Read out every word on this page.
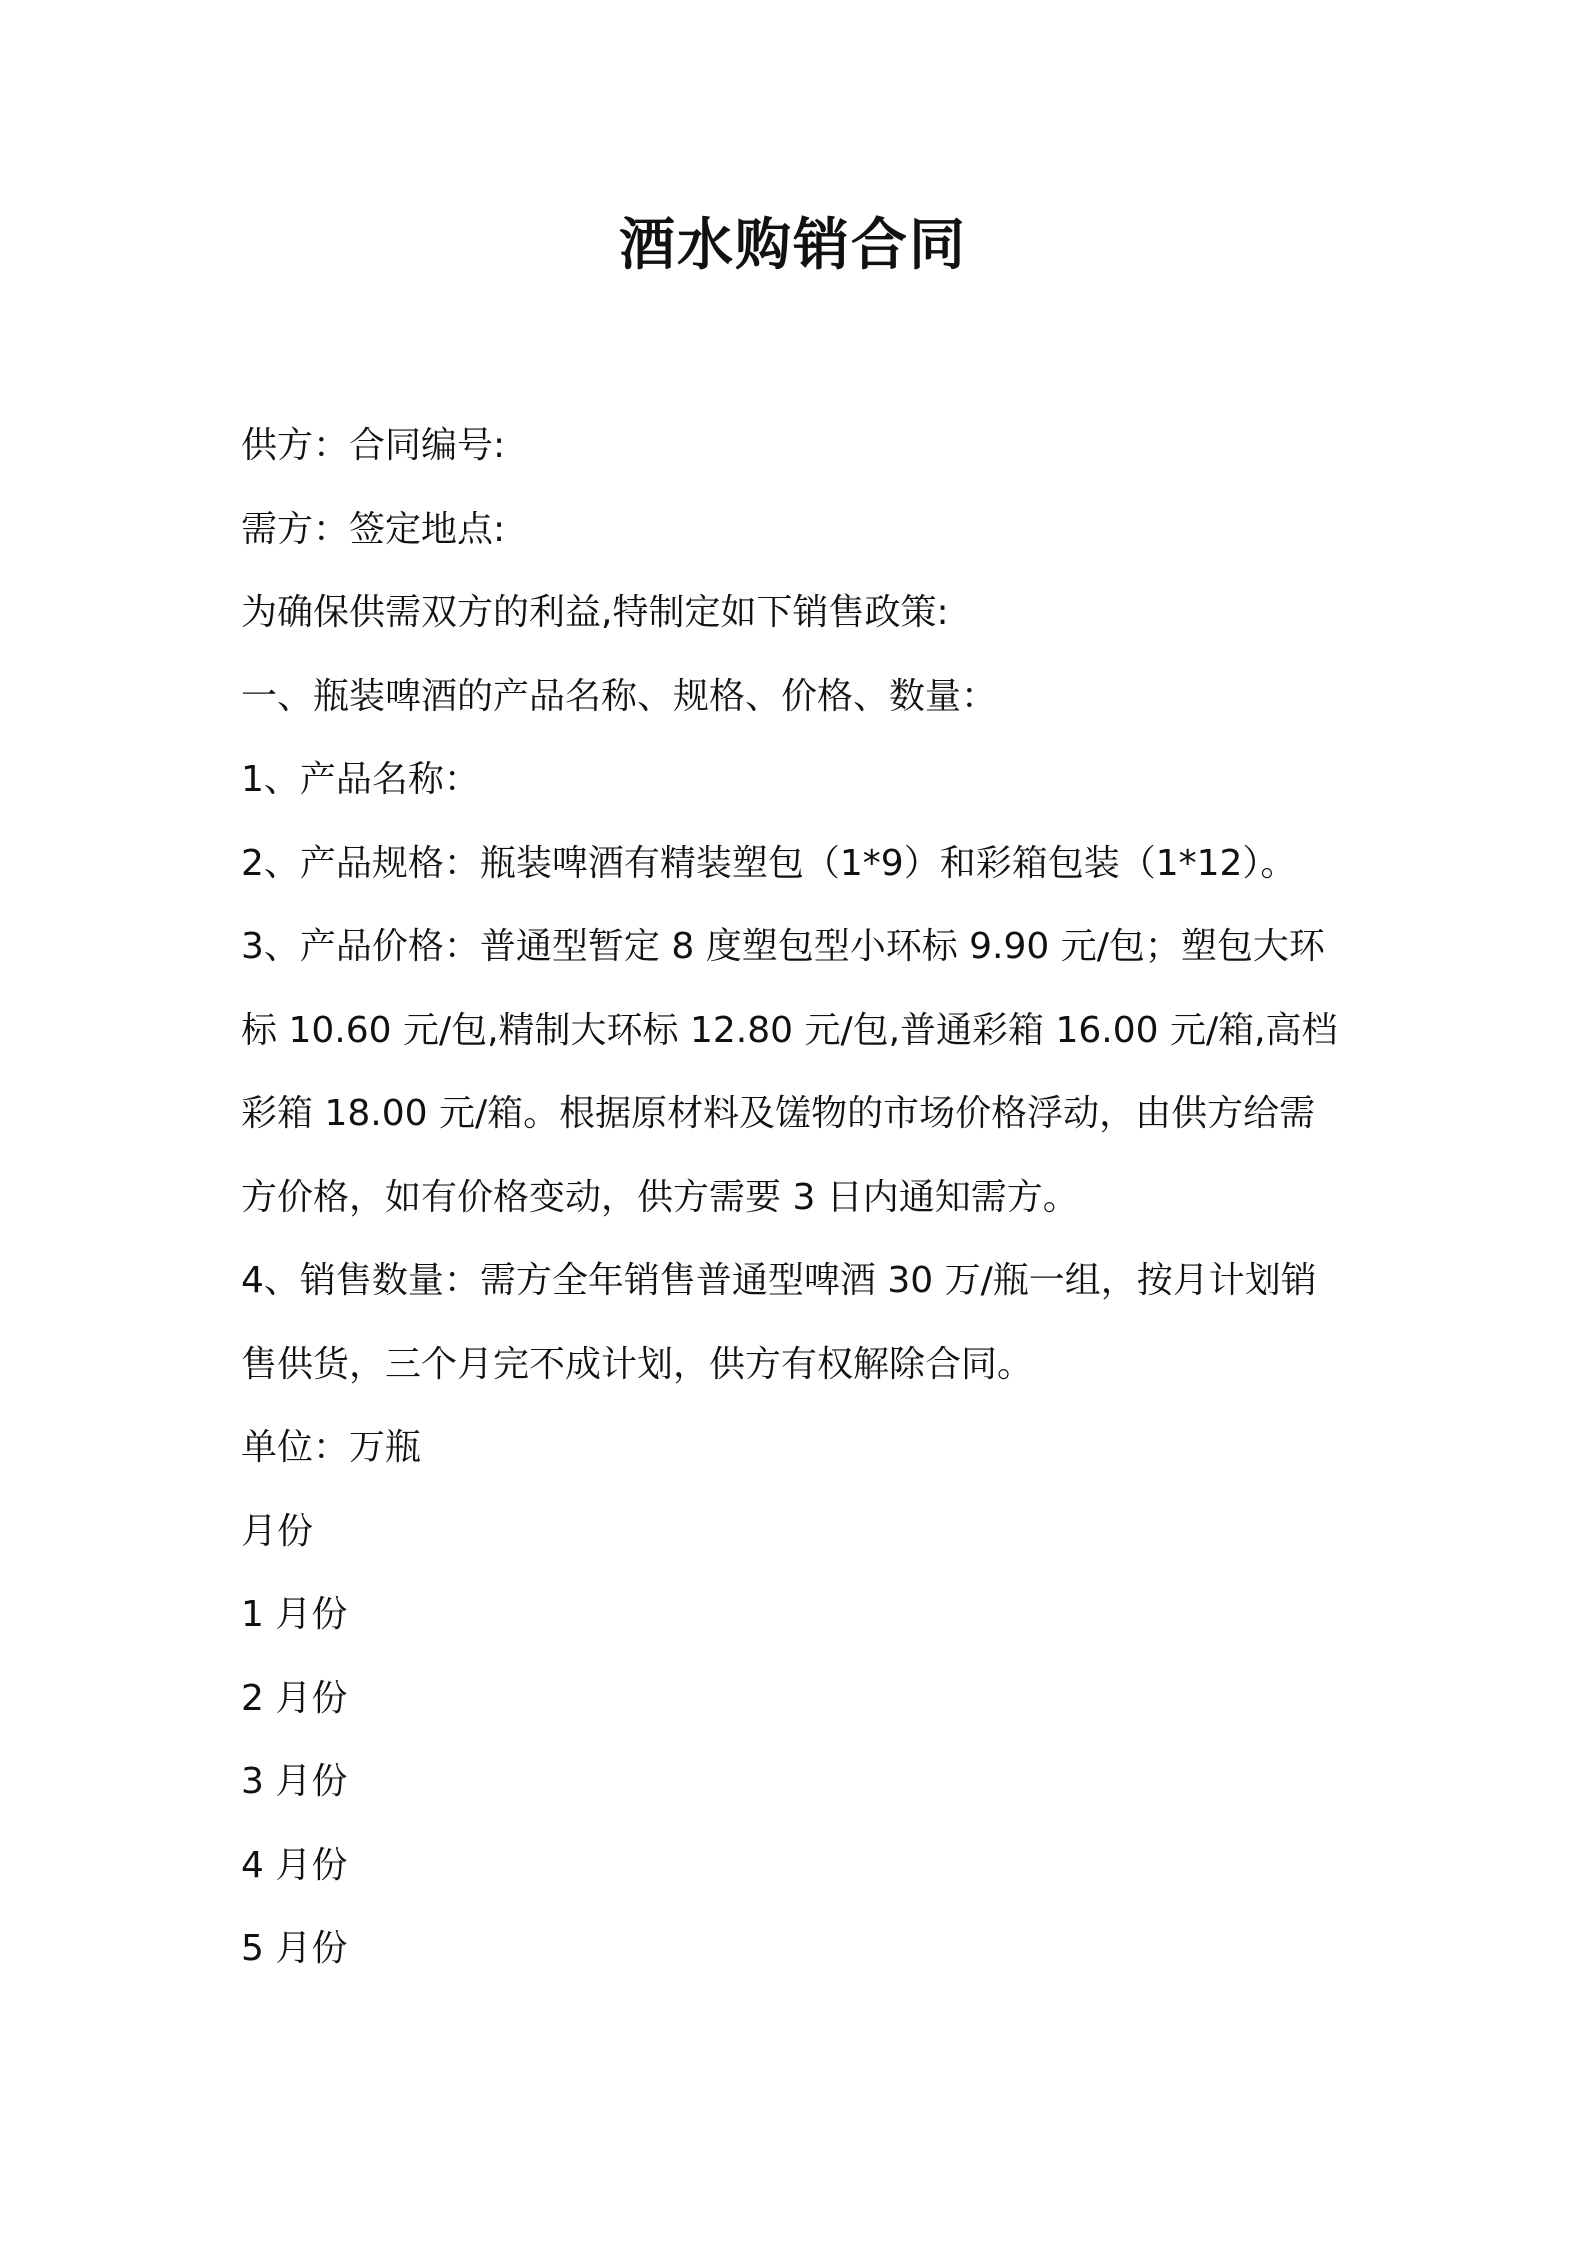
酒水购销合同

供方：合同编号:

需方：签定地点:

为确保供需双方的利益,特制定如下销售政策:

一、瓶装啤酒的产品名称、规格、价格、数量：

1、产品名称：

2、产品规格：瓶装啤酒有精装塑包（1*9）和彩箱包装（1*12）。

3、产品价格：普通型暂定 8 度塑包型小环标 9.90 元/包；塑包大环标 10.60 元/包,精制大环标 12.80 元/包,普通彩箱 16.00 元/箱,高档彩箱 18.00 元/箱。根据原材料及馐物的市场价格浮动，由供方给需方价格，如有价格变动，供方需要 3 日内通知需方。

4、销售数量：需方全年销售普通型啤酒 30 万/瓶一组，按月计划销售供货，三个月完不成计划，供方有权解除合同。

单位：万瓶

月份

1 月份

2 月份

3 月份

4 月份

5 月份
